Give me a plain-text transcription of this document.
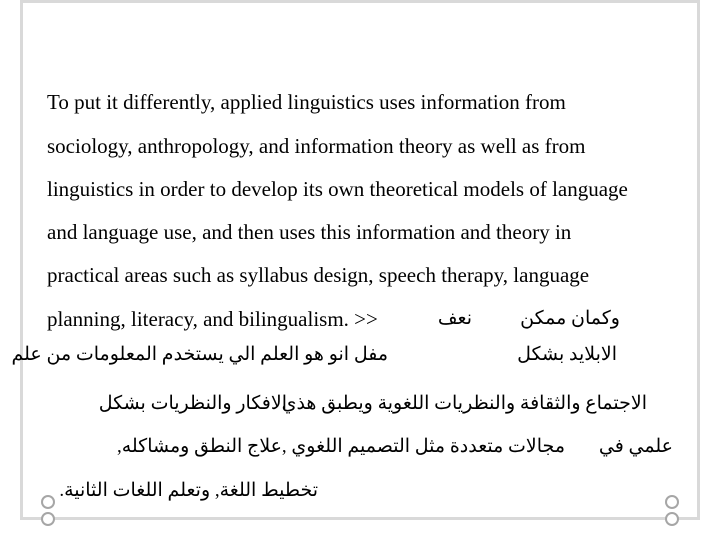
To put it differently, applied linguistics uses information from
sociology, anthropology, and information theory as well as from
linguistics in order to develop its own theoretical models of language
and language use, and then uses this information and theory in
practical areas such as syllabus design, speech therapy, language
planning, literacy, and bilingualism. >>	نعف	وكمان ممكن
مفل انو هو العلم الي يستخدم المعلومات من علم	الابلايد بشكل
الافكار والنظريات بشكل
الاجتماع والثقافة والنظريات اللغوية ويطبق هذي
علاج النطق ومشاكله, مجالات متعددة مثل التصميم اللغوي , علمي في
تخطيط اللغة, وتعلم اللغات الثانية.
